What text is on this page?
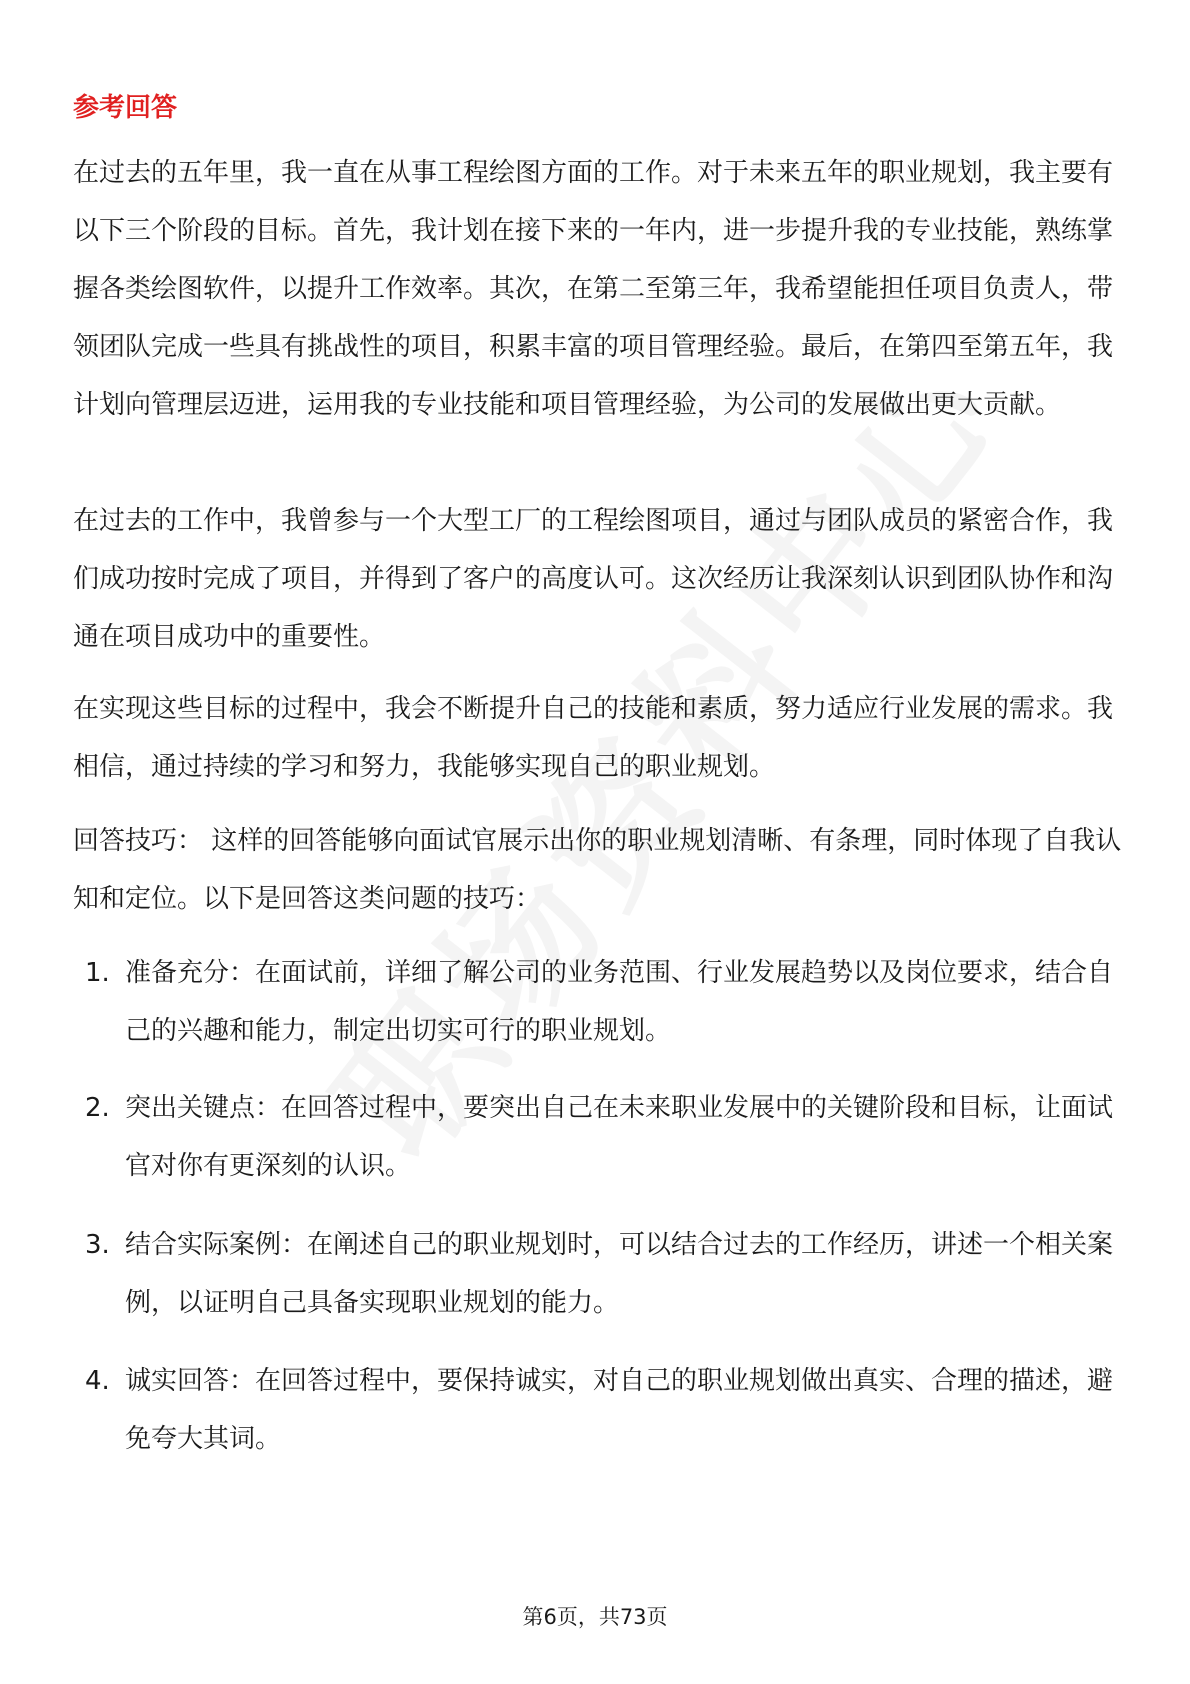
参考回答

在过去的五年里，我一直在从事工程绘图方面的工作。对于未来五年的职业规划，我主要有以下三个阶段的目标。首先，我计划在接下来的一年内，进一步提升我的专业技能，熟练掌握各类绘图软件，以提升工作效率。其次，在第二至第三年，我希望能担任项目负责人，带领团队完成一些具有挑战性的项目，积累丰富的项目管理经验。最后，在第四至第五年，我计划向管理层迈进，运用我的专业技能和项目管理经验，为公司的发展做出更大贡献。

在过去的工作中，我曾参与一个大型工厂的工程绘图项目，通过与团队成员的紧密合作，我们成功按时完成了项目，并得到了客户的高度认可。这次经历让我深刻认识到团队协作和沟通在项目成功中的重要性。

在实现这些目标的过程中，我会不断提升自己的技能和素质，努力适应行业发展的需求。我相信，通过持续的学习和努力，我能够实现自己的职业规划。

回答技巧： 这样的回答能够向面试官展示出你的职业规划清晰、有条理，同时体现了自我认知和定位。以下是回答这类问题的技巧：

1. 准备充分：在面试前，详细了解公司的业务范围、行业发展趋势以及岗位要求，结合自己的兴趣和能力，制定出切实可行的职业规划。
2. 突出关键点：在回答过程中，要突出自己在未来职业发展中的关键阶段和目标，让面试官对你有更深刻的认识。
3. 结合实际案例：在阐述自己的职业规划时，可以结合过去的工作经历，讲述一个相关案例，以证明自己具备实现职业规划的能力。
4. 诚实回答：在回答过程中，要保持诚实，对自己的职业规划做出真实、合理的描述，避免夸大其词。
第6页，共73页
